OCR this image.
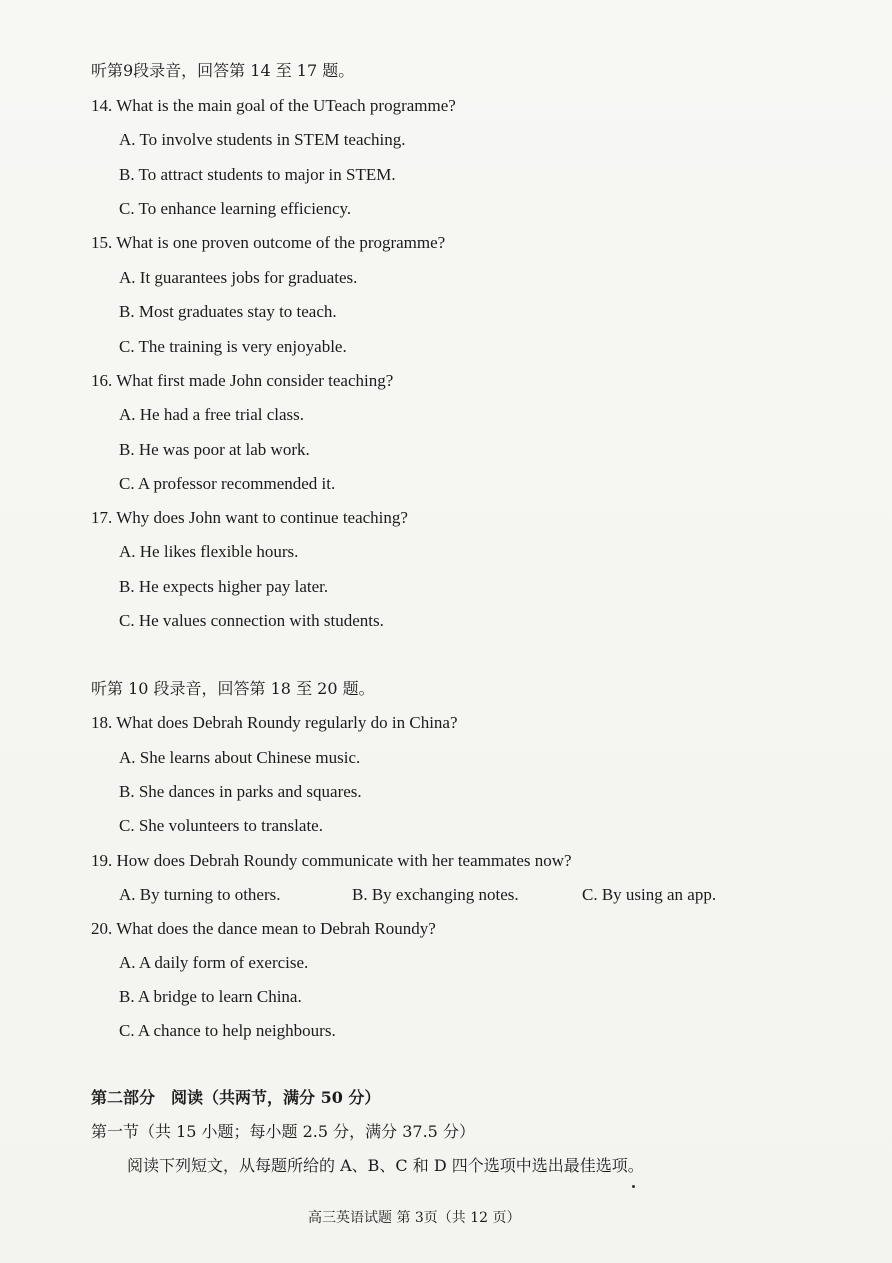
听第9段录音，回答第 14 至 17 题。
14. What is the main goal of the UTeach programme?
A. To involve students in STEM teaching.
B. To attract students to major in STEM.
C. To enhance learning efficiency.
15. What is one proven outcome of the programme?
A. It guarantees jobs for graduates.
B. Most graduates stay to teach.
C. The training is very enjoyable.
16. What first made John consider teaching?
A. He had a free trial class.
B. He was poor at lab work.
C. A professor recommended it.
17. Why does John want to continue teaching?
A. He likes flexible hours.
B. He expects higher pay later.
C. He values connection with students.
听第 10 段录音，回答第 18 至 20 题。
18. What does Debrah Roundy regularly do in China?
A. She learns about Chinese music.
B. She dances in parks and squares.
C. She volunteers to translate.
19. How does Debrah Roundy communicate with her teammates now?
A. By turning to others.	B. By exchanging notes.	C. By using an app.
20. What does the dance mean to Debrah Roundy?
A. A daily form of exercise.
B. A bridge to learn China.
C. A chance to help neighbours.
第二部分　阅读（共两节，满分 50 分）
第一节（共 15 小题；每小题 2.5 分，满分 37.5 分）
阅读下列短文，从每题所给的 A、B、C 和 D 四个选项中选出最佳选项。
高三英语试题 第 3页（共 12 页）
